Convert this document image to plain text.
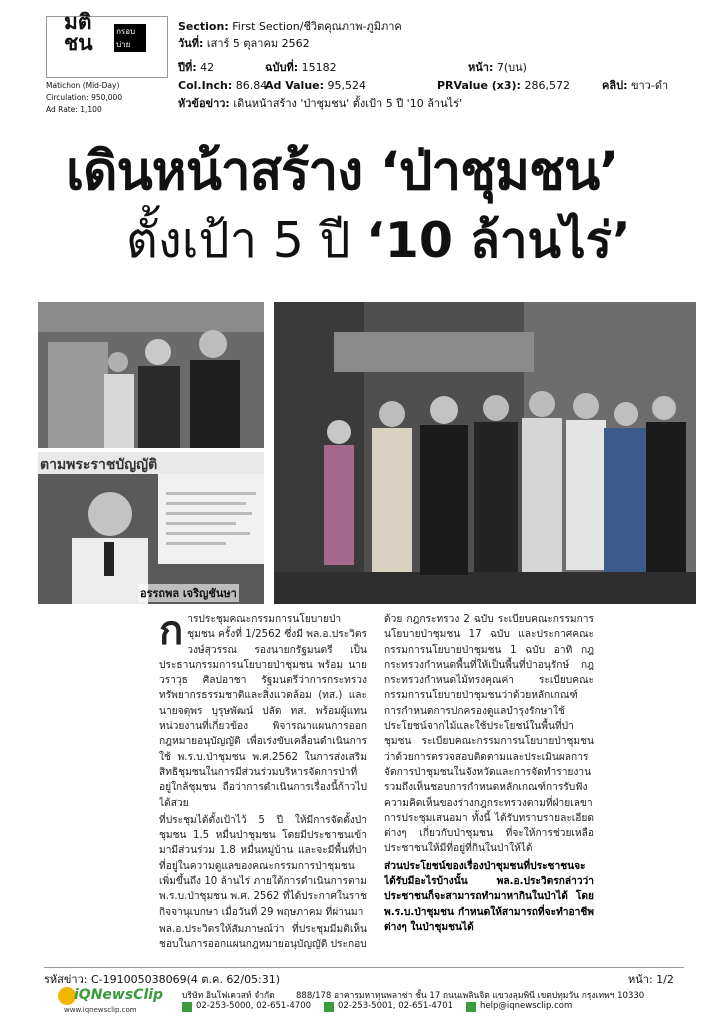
มติชน	กรอบบ่าย
Matichon (Mid-Day)
Circulation: 950,000
Ad Rate: 1,100
Section: First Section/ชีวิตคุณภาพ-ภูมิภาค
วันที่: เสาร์ 5 ตุลาคม 2562
ปีที่: 42	ฉบับที่: 15182	หน้า: 7(บน)
Col.Inch: 86.84
Ad Value: 95,524	PRValue (x3): 286,572	คลิป: ขาว-ดำ
หัวข้อข่าว: เดินหน้าสร้าง 'ป่าชุมชน' ตั้งเป้า 5 ปี '10 ล้านไร่'
เดินหน้าสร้าง ‘ป่าชุมชน’
ตั้งเป้า 5 ปี ‘10 ล้านไร่’
ตามพระราชบัญญัติ
อรรถพล เจริญชันษา

การประชุมคณะกรรมการนโยบายป่าชุมชน ครั้งที่ 1/2562 ซึ่งมี พล.อ.ประวิตร วงษ์สุวรรณ รองนายกรัฐมนตรี เป็นประธานกรรมการนโยบายป่าชุมชน พร้อม นายวราวุธ ศิลปอาชา รัฐมนตรีว่าการกระทรวงทรัพยากรธรรมชาติและสิ่งแวดล้อม (ทส.) และ นายจตุพร บุรุษพัฒน์ ปลัด ทส. พร้อมผู้แทนหน่วยงานที่เกี่ยวข้อง พิจารณาแผนการออกกฎหมายอนุบัญญัติ เพื่อเร่งขับเคลื่อนดำเนินการใช้ พ.ร.บ.ป่าชุมชน พ.ศ.2562 ในการส่งเสริมสิทธิชุมชนในการมีส่วนร่วมบริหารจัดการป่าที่อยู่ใกล้ชุมชน ถือว่าการดำเนินการเรื่องนี้ก้าวไปได้สวย

ที่ประชุมได้ตั้งเป้าไว้ 5 ปี ให้มีการจัดตั้งป่าชุมชน 1.5 หมื่นป่าชุมชน โดยมีประชาชนเข้ามามีส่วนร่วม 1.8 หมื่นหมู่บ้าน และจะมีพื้นที่ป่าที่อยู่ในความดูแลของคณะกรรมการป่าชุมชนเพิ่มขึ้นถึง 10 ล้านไร่ ภายใต้การดำเนินการตาม พ.ร.บ.ป่าชุมชน พ.ศ. 2562 ที่ได้ประกาศในราชกิจจานุเบกษา เมื่อวันที่ 29 พฤษภาคม ที่ผ่านมา

พล.อ.ประวิตรให้สัมภาษณ์ว่า ที่ประชุมมีมติเห็นชอบในการออกแผนกฎหมายอนุบัญญัติ ประกอบ

ด้วย กฎกระทรวง 2 ฉบับ ระเบียบคณะกรรมการนโยบายป่าชุมชน 17 ฉบับ และประกาศคณะกรรมการนโยบายป่าชุมชน 1 ฉบับ อาทิ กฎกระทรวงกำหนดพื้นที่ให้เป็นพื้นที่ป่าอนุรักษ์ กฎกระทรวงกำหนดไม้ทรงคุณค่า ระเบียบคณะกรรมการนโยบายป่าชุมชนว่าด้วยหลักเกณฑ์การกำหนดการปกครองดูแลบำรุงรักษาใช้ประโยชน์จากไม้และใช้ประโยชน์ในพื้นที่ป่าชุมชน ระเบียบคณะกรรมการนโยบายป่าชุมชนว่าด้วยการตรวจสอบติดตามและประเมินผลการจัดการป่าชุมชนในจังหวัดและการจัดทำรายงานรวมถึงเห็นชอบการกำหนดหลักเกณฑ์การรับฟังความคิดเห็นของร่างกฎกระทรวงตามที่ฝ่ายเลขาการประชุมเสนอมา ทั้งนี้ ได้รับทราบรายละเอียดต่างๆ เกี่ยวกับป่าชุมชน ที่จะให้การช่วยเหลือประชาชนให้มีที่อยู่ที่กินในป่าให้ได้

ส่วนประโยชน์ของเรื่องป่าชุมชนที่ประชาชนจะได้รับมีอะไรบ้างนั้น พล.อ.ประวิตรกล่าวว่า ประชาชนก็จะสามารถทำมาหากินในป่าได้ โดย พ.ร.บ.ป่าชุมชน กำหนดให้สามารถที่จะทำอาชีพต่างๆ ในป่าชุมชนได้

รหัสข่าว: C-191005038069(4 ต.ค. 62/05:31)	หน้า: 1/2
iQNewsClip
www.iqnewsclip.com
บริษัท อินโฟเควสท์ จำกัด	888/178 อาคารมหาทุนพลาซ่า ชั้น 17 ถนนเพลินจิต แขวงลุมพินี เขตปทุมวัน กรุงเทพฯ 10330
02-253-5000, 02-651-4700	02-253-5001, 02-651-4701	help@iqnewsclip.com
